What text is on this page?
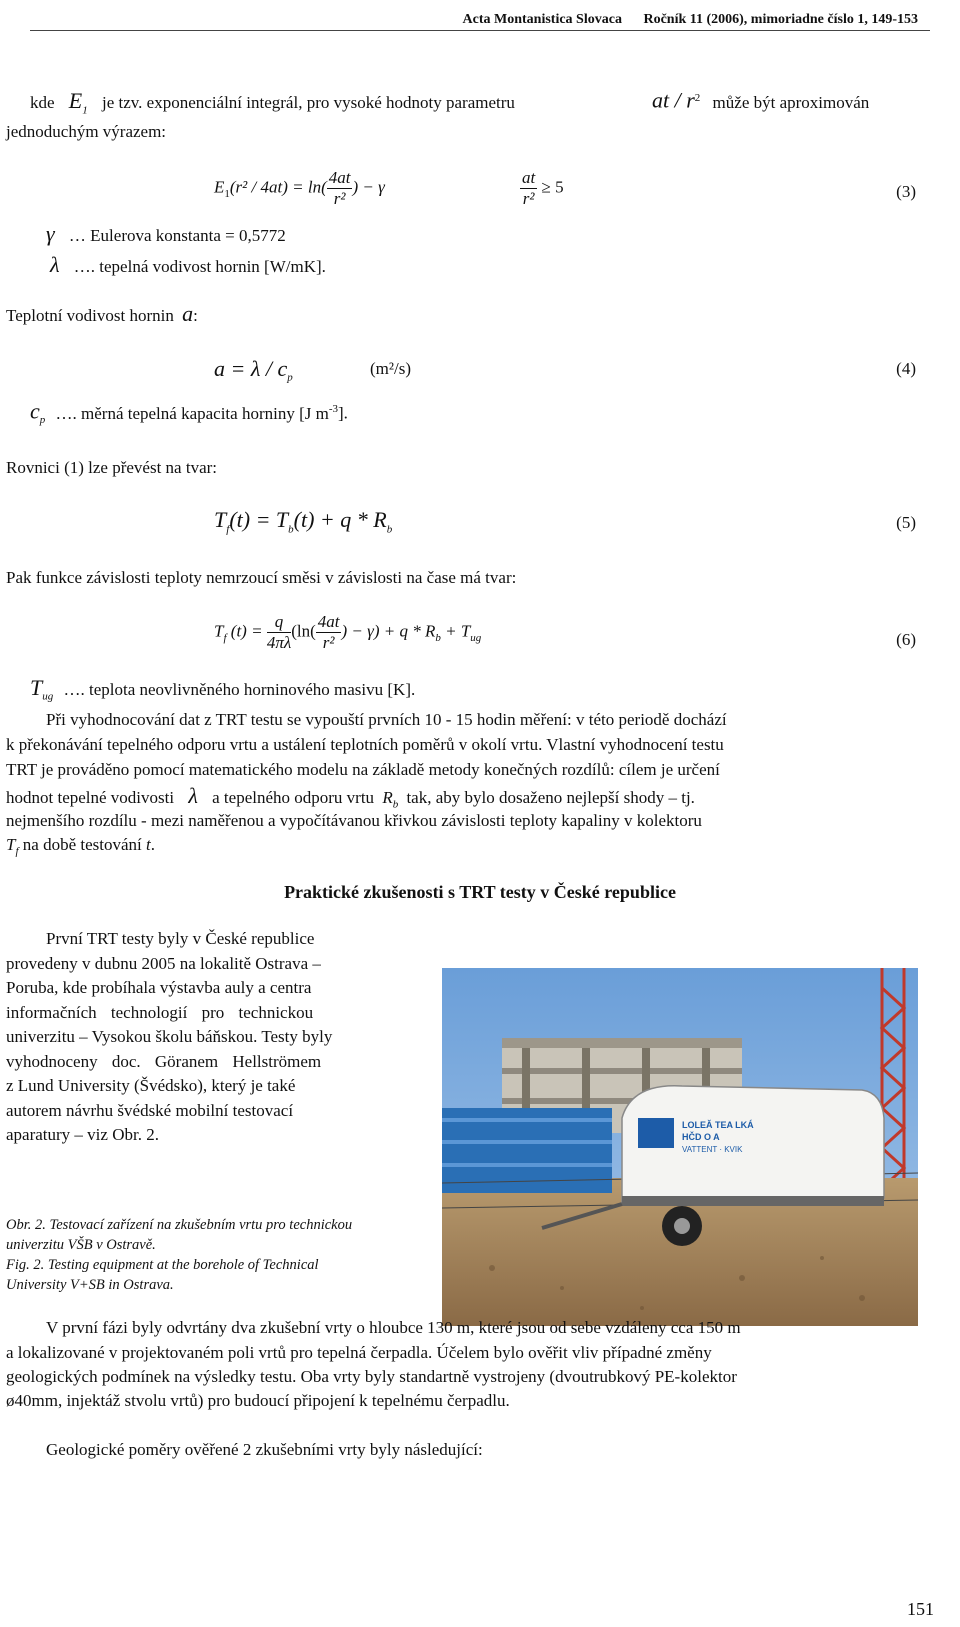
Acta Montanistica Slovaca Ročník 11 (2006), mimoriadne číslo 1, 149-153
kde $E_1$ je tzv. exponenciální integrál, pro vysoké hodnoty parametru	at / $r^2$ může být aproximován
jednoduchým výrazem:
$E_1(r^2 / 4at) = \ln( \frac{4at}{\text{r²}}$ ) − γ	$\frac{at}{\text{r²}} \ge 5$	(3)
γ … Eulerova konstanta = 0,5772
λ …. tepelná vodivost hornin [W/mK].
Teplotní vodivost hornin a:
$a = \lambda / c_p$	(m²/s)	(4)
$c_p$ …. měrná tepelná kapacita horniny [J $m^{-3}$].
Rovnici (1) lze převést na tvar:
$T_f(t) = T_b(t) + q * R_b$	(5)
Pak funkce závislosti teploty nemrzoucí směsi v závislosti na čase má tvar:
$T_f$ $(t) = \frac{q}{4\pi\lambda} (\ln( \frac{4at}{\text{r²}}$ ) − $\gamma) + q * R_b + T_{ug}$	(6)
$T_{ug}$ …. teplota neovlivněného horninového masivu [K].
Při vyhodnocování dat z TRT testu se vypouští prvních 10 - 15 hodin měření: v této periodě dochází
k překonávání tepelného odporu vrtu a ustálení teplotních poměrů v okolí vrtu. Vlastní vyhodnocení testu
TRT je prováděno pomocí matematického modelu na základě metody konečných rozdílů: cílem je určení
hodnot tepelné vodivosti λ a tepelného odporu vrtu $R_b$ tak, aby bylo dosaženo nejlepší shody – tj.
nejmenšího rozdílu - mezi naměřenou a vypočítávanou křivkou závislosti teploty kapaliny v kolektoru
$T_f$ na době testování t.
Praktické zkušenosti s TRT testy v České republice
První TRT testy byly v České republice
provedeny v dubnu 2005 na lokalitě Ostrava –
Poruba, kde probíhala výstavba auly a centra
informačních technologií pro technickou
univerzitu – Vysokou školu báňskou. Testy byly
vyhodnoceny doc. Göranem Hellströmem
z Lund University (Švédsko), který je také
autorem návrhu švédské mobilní testovací
aparatury – viz Obr. 2.	LOLEĂ TEA LKÁ
HČD O A
VATTENT · KVIK
Obr. 2. Testovací zařízení na zkušebním vrtu pro technickou
univerzitu VŠB v Ostravě.
Fig. 2. Testing equipment at the borehole of Technical
University V+SB in Ostrava.
V první fázi byly odvrtány dva zkušební vrty o hloubce 130 m, které jsou od sebe vzdáleny cca 150 m
a lokalizované v projektovaném poli vrtů pro tepelná čerpadla. Účelem bylo ověřit vliv případné změny
geologických podmínek na výsledky testu. Oba vrty byly standartně vystrojeny (dvoutrubkový PE-kolektor
ø40mm, injektáž stvolu vrtů) pro budoucí připojení k tepelnému čerpadlu.
Geologické poměry ověřené 2 zkušebními vrty byly následující:
151
